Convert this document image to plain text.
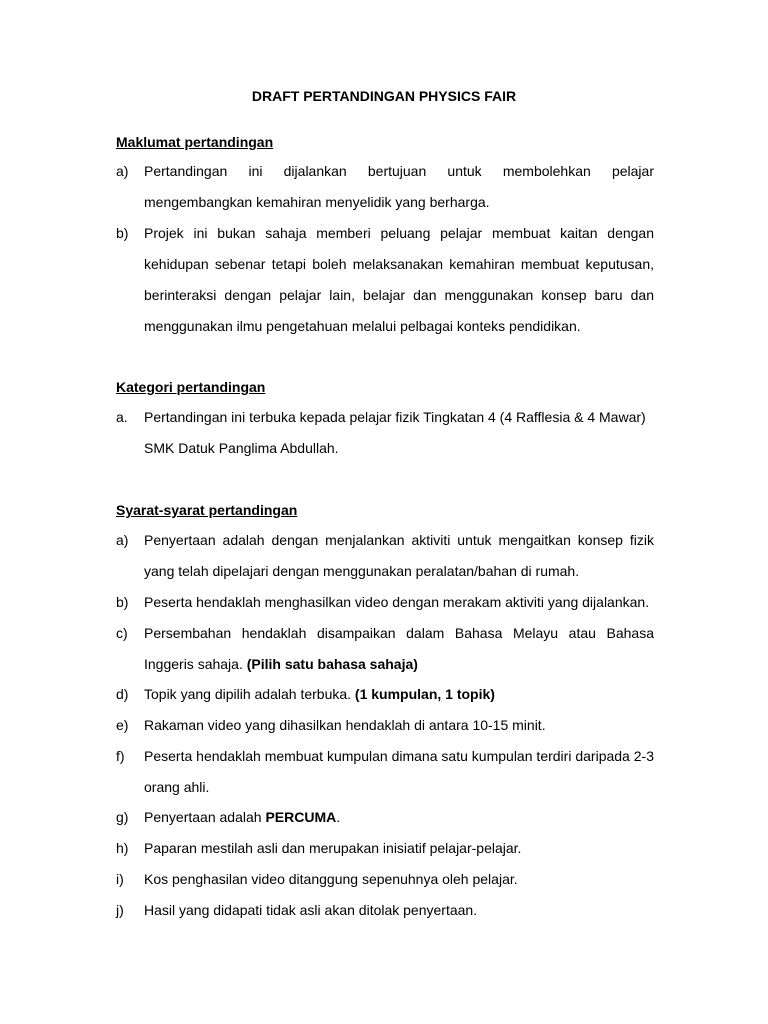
DRAFT PERTANDINGAN PHYSICS FAIR
Maklumat pertandingan
a) Pertandingan ini dijalankan bertujuan untuk membolehkan pelajar mengembangkan kemahiran menyelidik yang berharga.
b) Projek ini bukan sahaja memberi peluang pelajar membuat kaitan dengan kehidupan sebenar tetapi boleh melaksanakan kemahiran membuat keputusan, berinteraksi dengan pelajar lain, belajar dan menggunakan konsep baru dan menggunakan ilmu pengetahuan melalui pelbagai konteks pendidikan.
Kategori pertandingan
a. Pertandingan ini terbuka kepada pelajar fizik Tingkatan 4 (4 Rafflesia & 4 Mawar) SMK Datuk Panglima Abdullah.
Syarat-syarat pertandingan
a) Penyertaan adalah dengan menjalankan aktiviti untuk mengaitkan konsep fizik yang telah dipelajari dengan menggunakan peralatan/bahan di rumah.
b) Peserta hendaklah menghasilkan video dengan merakam aktiviti yang dijalankan.
c) Persembahan hendaklah disampaikan dalam Bahasa Melayu atau Bahasa Inggeris sahaja. (Pilih satu bahasa sahaja)
d) Topik yang dipilih adalah terbuka. (1 kumpulan, 1 topik)
e) Rakaman video yang dihasilkan hendaklah di antara 10-15 minit.
f) Peserta hendaklah membuat kumpulan dimana satu kumpulan terdiri daripada 2-3 orang ahli.
g) Penyertaan adalah PERCUMA.
h) Paparan mestilah asli dan merupakan inisiatif pelajar-pelajar.
i) Kos penghasilan video ditanggung sepenuhnya oleh pelajar.
j) Hasil yang didapati tidak asli akan ditolak penyertaan.
